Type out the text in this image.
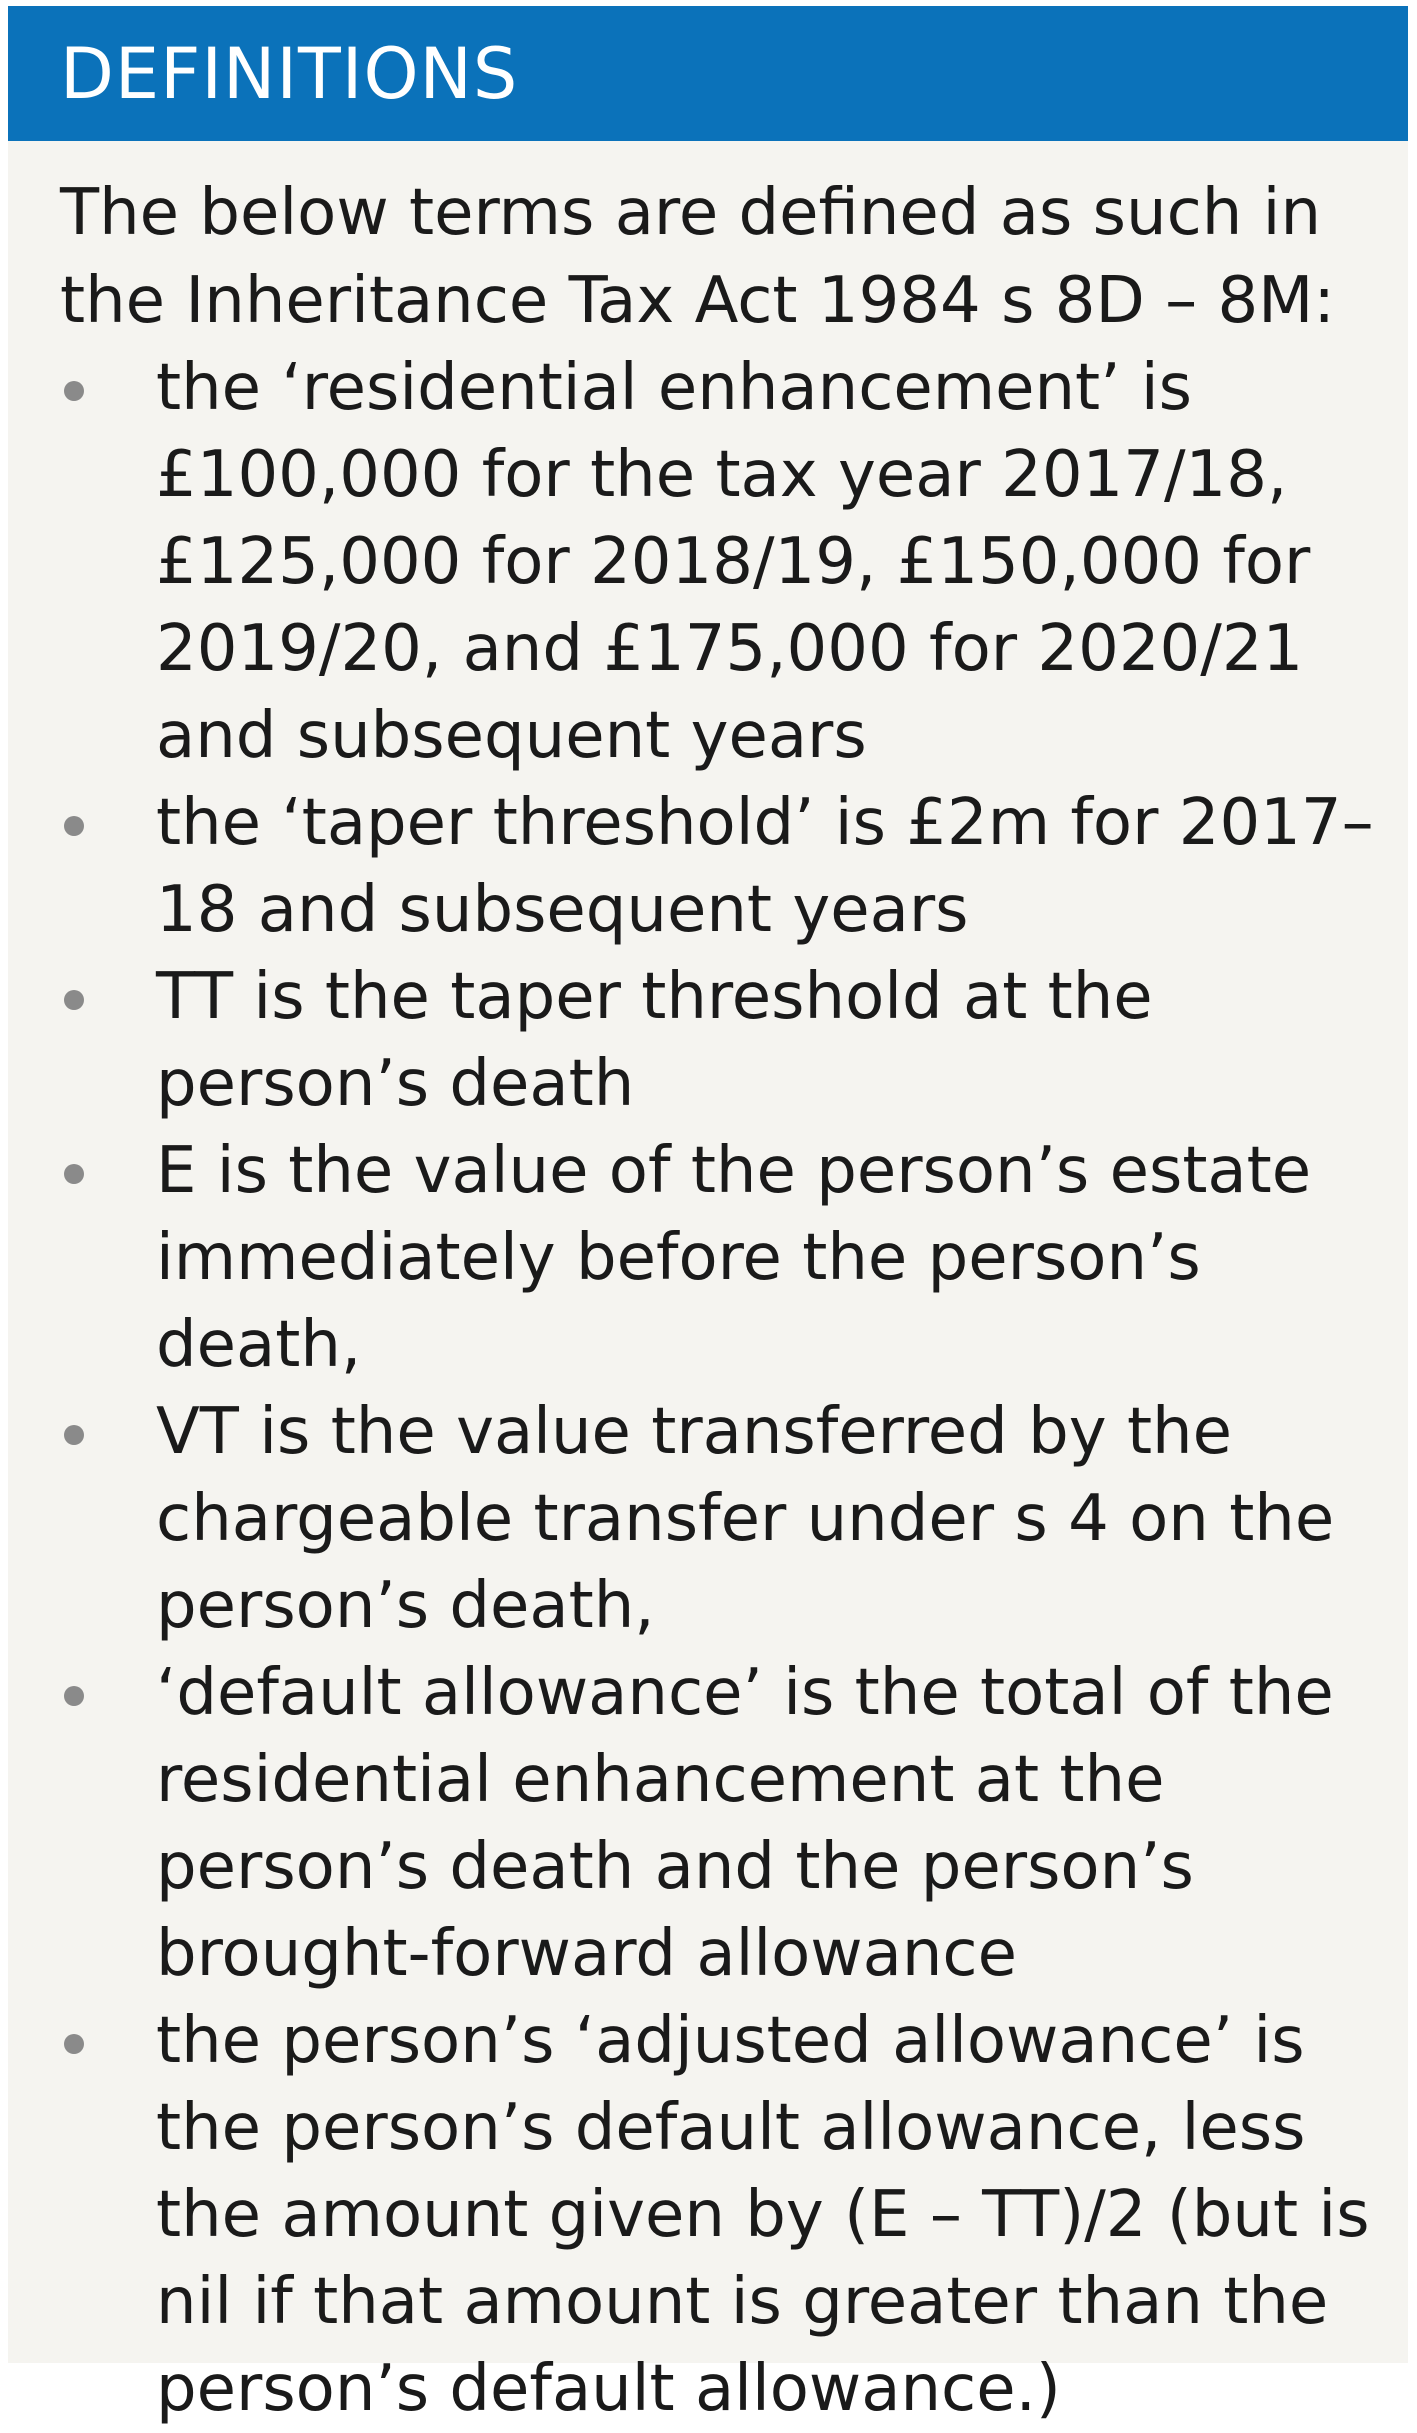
DEFINITIONS

The below terms are defined as such in the Inheritance Tax Act 1984 s 8D – 8M:

the ‘residential enhancement’ is £100,000 for the tax year 2017/18, £125,000 for 2018/19, £150,000 for 2019/20, and £175,000 for 2020/21 and subsequent years
the ‘taper threshold’ is £2m for 2017–18 and subsequent years
TT is the taper threshold at the person’s death
E is the value of the person’s estate immediately before the person’s death,
VT is the value transferred by the chargeable transfer under s 4 on the person’s death,
‘default allowance’ is the total of the residential enhancement at the person’s death and the person’s brought-forward allowance
the person’s ‘adjusted allowance’ is the person’s default allowance, less the amount given by (E – TT)/2 (but is nil if that amount is greater than the person’s default allowance.)
